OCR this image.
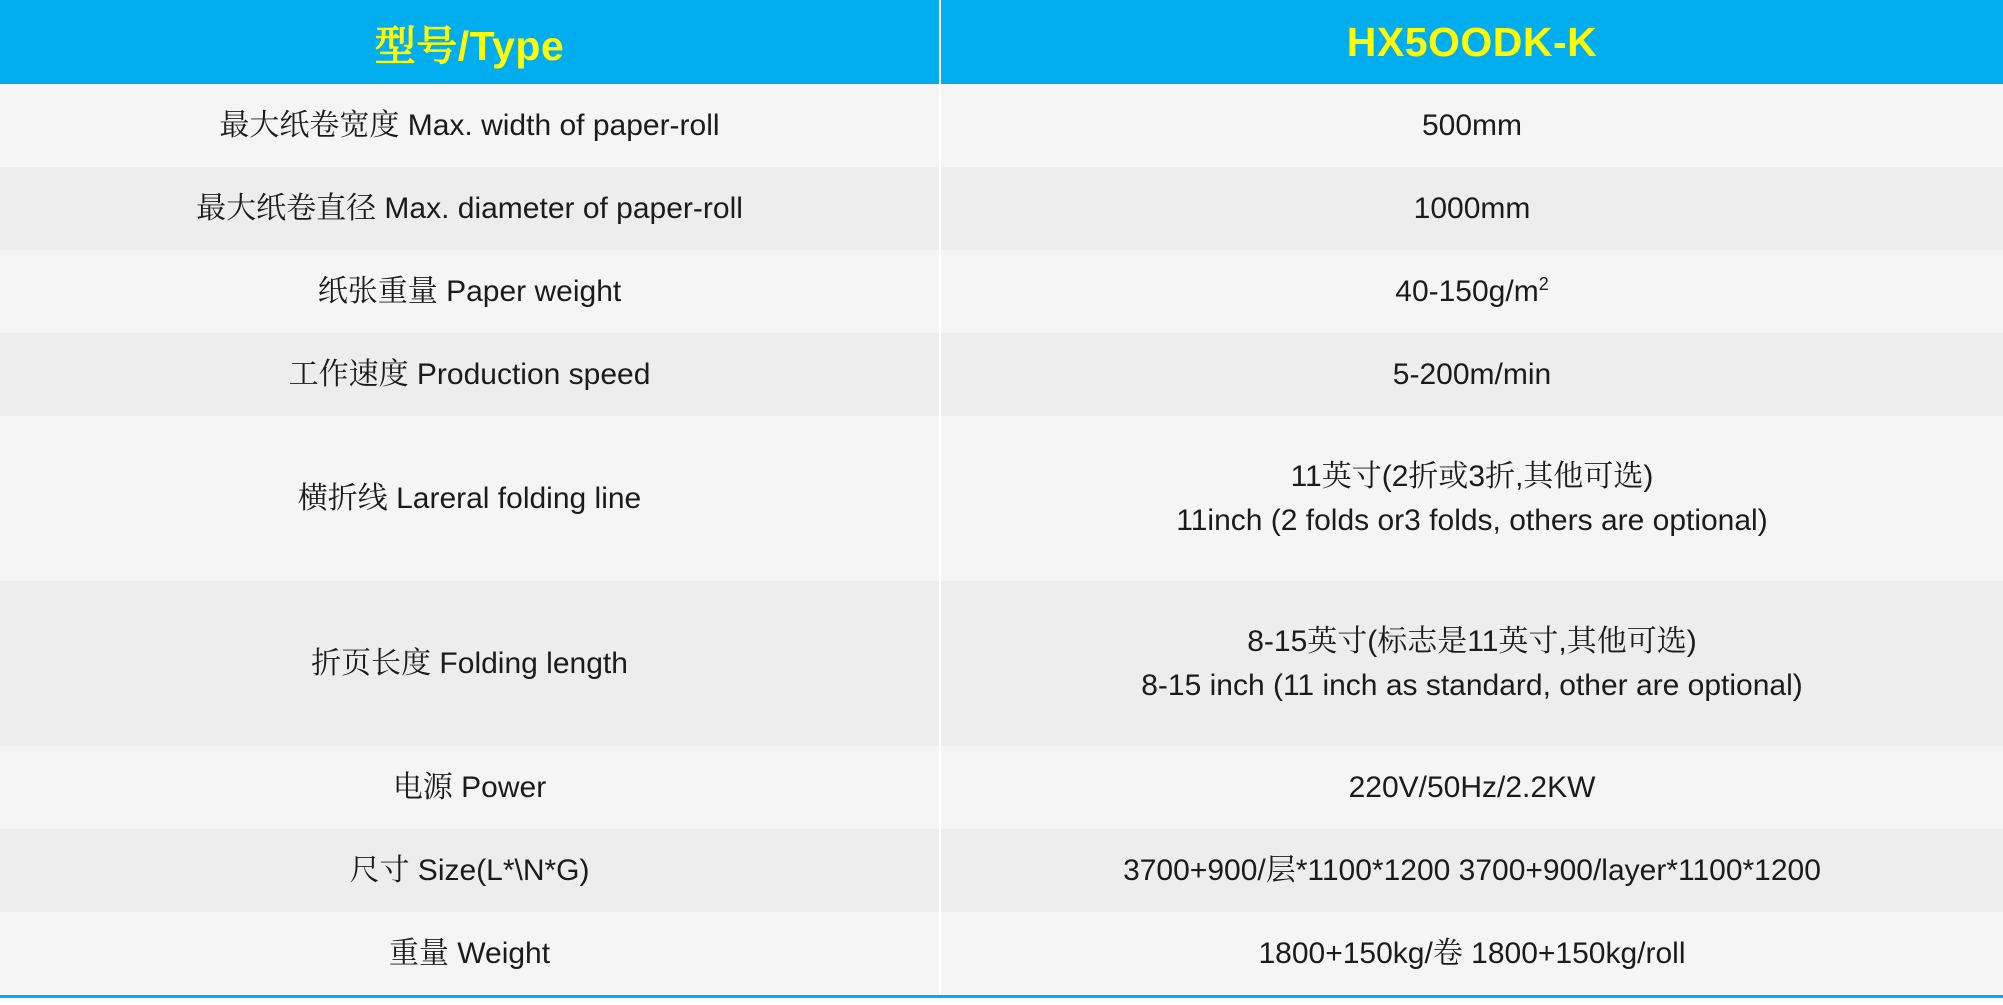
型号/Type	HX5OODK-K
最大纸卷宽度 Max. width of paper-roll	500mm

最大纸卷直径 Max. diameter of paper-roll	1000mm

纸张重量 Paper weight	$40-150g/m^2$

工作速度 Production speed	5-200m/min

横折线 Lareral folding line	11英寸(2折或3折,其他可选)
11inch (2 folds or3 folds, others are optional)

折页长度 Folding length	8-15英寸(标志是11英寸,其他可选)
8-15 inch (11 inch as standard, other are optional)

电源 Power	220V/50Hz/2.2KW

尺寸 Size(L*\N*G)	3700+900/层*1100*1200 3700+900/layer*1100*1200

重量 Weight	1800+150kg/卷 1800+150kg/roll
